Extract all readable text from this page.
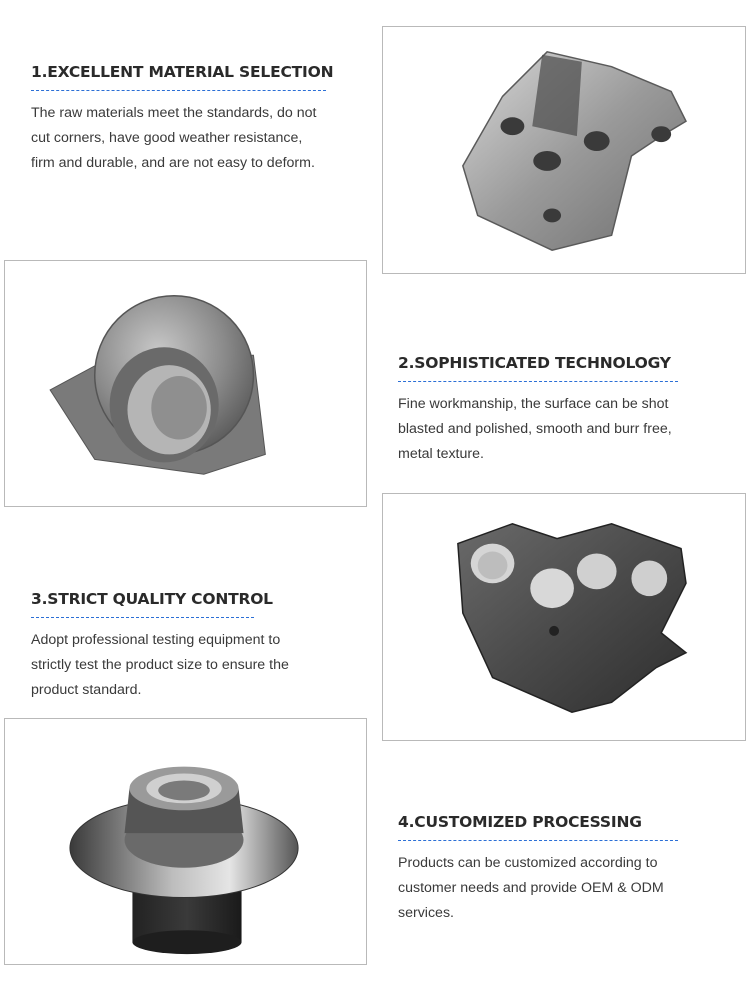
1.EXCELLENT MATERIAL SELECTION

The raw materials meet the standards, do not cut corners, have good weather resistance, firm and durable, and are not easy to deform.

2.SOPHISTICATED TECHNOLOGY

Fine workmanship, the surface can be shot blasted and polished, smooth and burr free, metal texture.

3.STRICT QUALITY CONTROL

Adopt professional testing equipment to strictly test the product size to ensure the product standard.

4.CUSTOMIZED PROCESSING

Products can be customized according to customer needs and provide OEM & ODM services.
